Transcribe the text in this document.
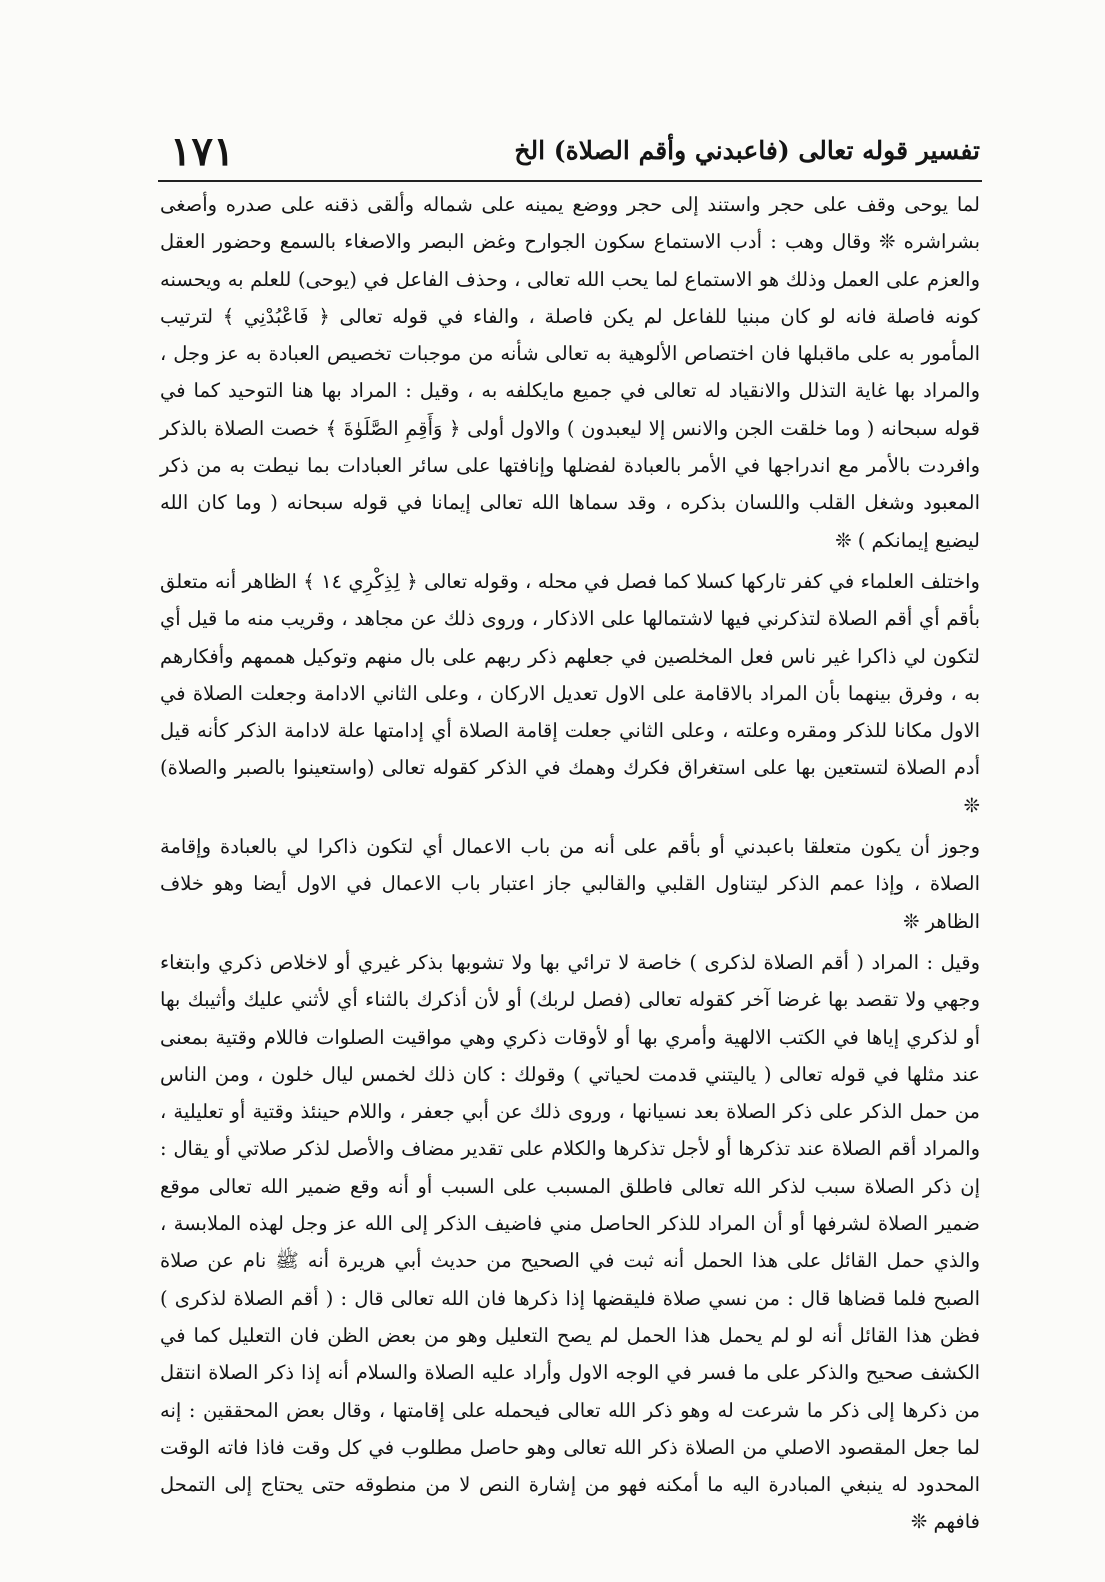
١٧١	تفسير قوله تعالى (فاعبدني وأقم الصلاة) الخ

لما يوحى وقف على حجر واستند إلى حجر ووضع يمينه على شماله وألقى ذقنه على صدره وأصغى بشراشره ❊ وقال وهب : أدب الاستماع سكون الجوارح وغض البصر والاصغاء بالسمع وحضور العقل والعزم على العمل وذلك هو الاستماع لما يحب الله تعالى ، وحذف الفاعل في (يوحى) للعلم به ويحسنه كونه فاصلة فانه لو كان مبنيا للفاعل لم يكن فاصلة ، والفاء في قوله تعالى ﴿ فَاعْبُدْنِي ﴾ لترتيب المأمور به على ماقبلها فان اختصاص الألوهية به تعالى شأنه من موجبات تخصيص العبادة به عز وجل ، والمراد بها غاية التذلل والانقياد له تعالى في جميع مايكلفه به ، وقيل : المراد بها هنا التوحيد كما في قوله سبحانه ( وما خلقت الجن والانس إلا ليعبدون ) والاول أولى ﴿ وَأَقِمِ الصَّلَوٰةَ ﴾ خصت الصلاة بالذكر وافردت بالأمر مع اندراجها في الأمر بالعبادة لفضلها وإنافتها على سائر العبادات بما نيطت به من ذكر المعبود وشغل القلب واللسان بذكره ، وقد سماها الله تعالى إيمانا في قوله سبحانه ( وما كان الله ليضيع إيمانكم ) ❊

واختلف العلماء في كفر تاركها كسلا كما فصل في محله ، وقوله تعالى ﴿ لِذِكْرِي ١٤ ﴾ الظاهر أنه متعلق بأقم أي أقم الصلاة لتذكرني فيها لاشتمالها على الاذكار ، وروى ذلك عن مجاهد ، وقريب منه ما قيل أي لتكون لي ذاكرا غير ناس فعل المخلصين في جعلهم ذكر ربهم على بال منهم وتوكيل هممهم وأفكارهم به ، وفرق بينهما بأن المراد بالاقامة على الاول تعديل الاركان ، وعلى الثاني الادامة وجعلت الصلاة في الاول مكانا للذكر ومقره وعلته ، وعلى الثاني جعلت إقامة الصلاة أي إدامتها علة لادامة الذكر كأنه قيل أدم الصلاة لتستعين بها على استغراق فكرك وهمك في الذكر كقوله تعالى (واستعينوا بالصبر والصلاة) ❊

وجوز أن يكون متعلقا باعبدني أو بأقم على أنه من باب الاعمال أي لتكون ذاكرا لي بالعبادة وإقامة الصلاة ، وإذا عمم الذكر ليتناول القلبي والقالبي جاز اعتبار باب الاعمال في الاول أيضا وهو خلاف الظاهر ❊

وقيل : المراد ( أقم الصلاة لذكرى ) خاصة لا ترائي بها ولا تشوبها بذكر غيري أو لاخلاص ذكري وابتغاء وجهي ولا تقصد بها غرضا آخر كقوله تعالى (فصل لربك) أو لأن أذكرك بالثناء أي لأثني عليك وأثيبك بها أو لذكري إياها في الكتب الالهية وأمري بها أو لأوقات ذكري وهي مواقيت الصلوات فاللام وقتية بمعنى عند مثلها في قوله تعالى ( ياليتني قدمت لحياتي ) وقولك : كان ذلك لخمس ليال خلون ، ومن الناس من حمل الذكر على ذكر الصلاة بعد نسيانها ، وروى ذلك عن أبي جعفر ، واللام حينئذ وقتية أو تعليلية ، والمراد أقم الصلاة عند تذكرها أو لأجل تذكرها والكلام على تقدير مضاف والأصل لذكر صلاتي أو يقال : إن ذكر الصلاة سبب لذكر الله تعالى فاطلق المسبب على السبب أو أنه وقع ضمير الله تعالى موقع ضمير الصلاة لشرفها أو أن المراد للذكر الحاصل مني فاضيف الذكر إلى الله عز وجل لهذه الملابسة ، والذي حمل القائل على هذا الحمل أنه ثبت في الصحيح من حديث أبي هريرة أنه ﷺ نام عن صلاة الصبح فلما قضاها قال : من نسي صلاة فليقضها إذا ذكرها فان الله تعالى قال : ( أقم الصلاة لذكرى ) فظن هذا القائل أنه لو لم يحمل هذا الحمل لم يصح التعليل وهو من بعض الظن فان التعليل كما في الكشف صحيح والذكر على ما فسر في الوجه الاول وأراد عليه الصلاة والسلام أنه إذا ذكر الصلاة انتقل من ذكرها إلى ذكر ما شرعت له وهو ذكر الله تعالى فيحمله على إقامتها ، وقال بعض المحققين : إنه لما جعل المقصود الاصلي من الصلاة ذكر الله تعالى وهو حاصل مطلوب في كل وقت فاذا فاته الوقت المحدود له ينبغي المبادرة اليه ما أمكنه فهو من إشارة النص لا من منطوقه حتى يحتاج إلى التمحل فافهم ❊
